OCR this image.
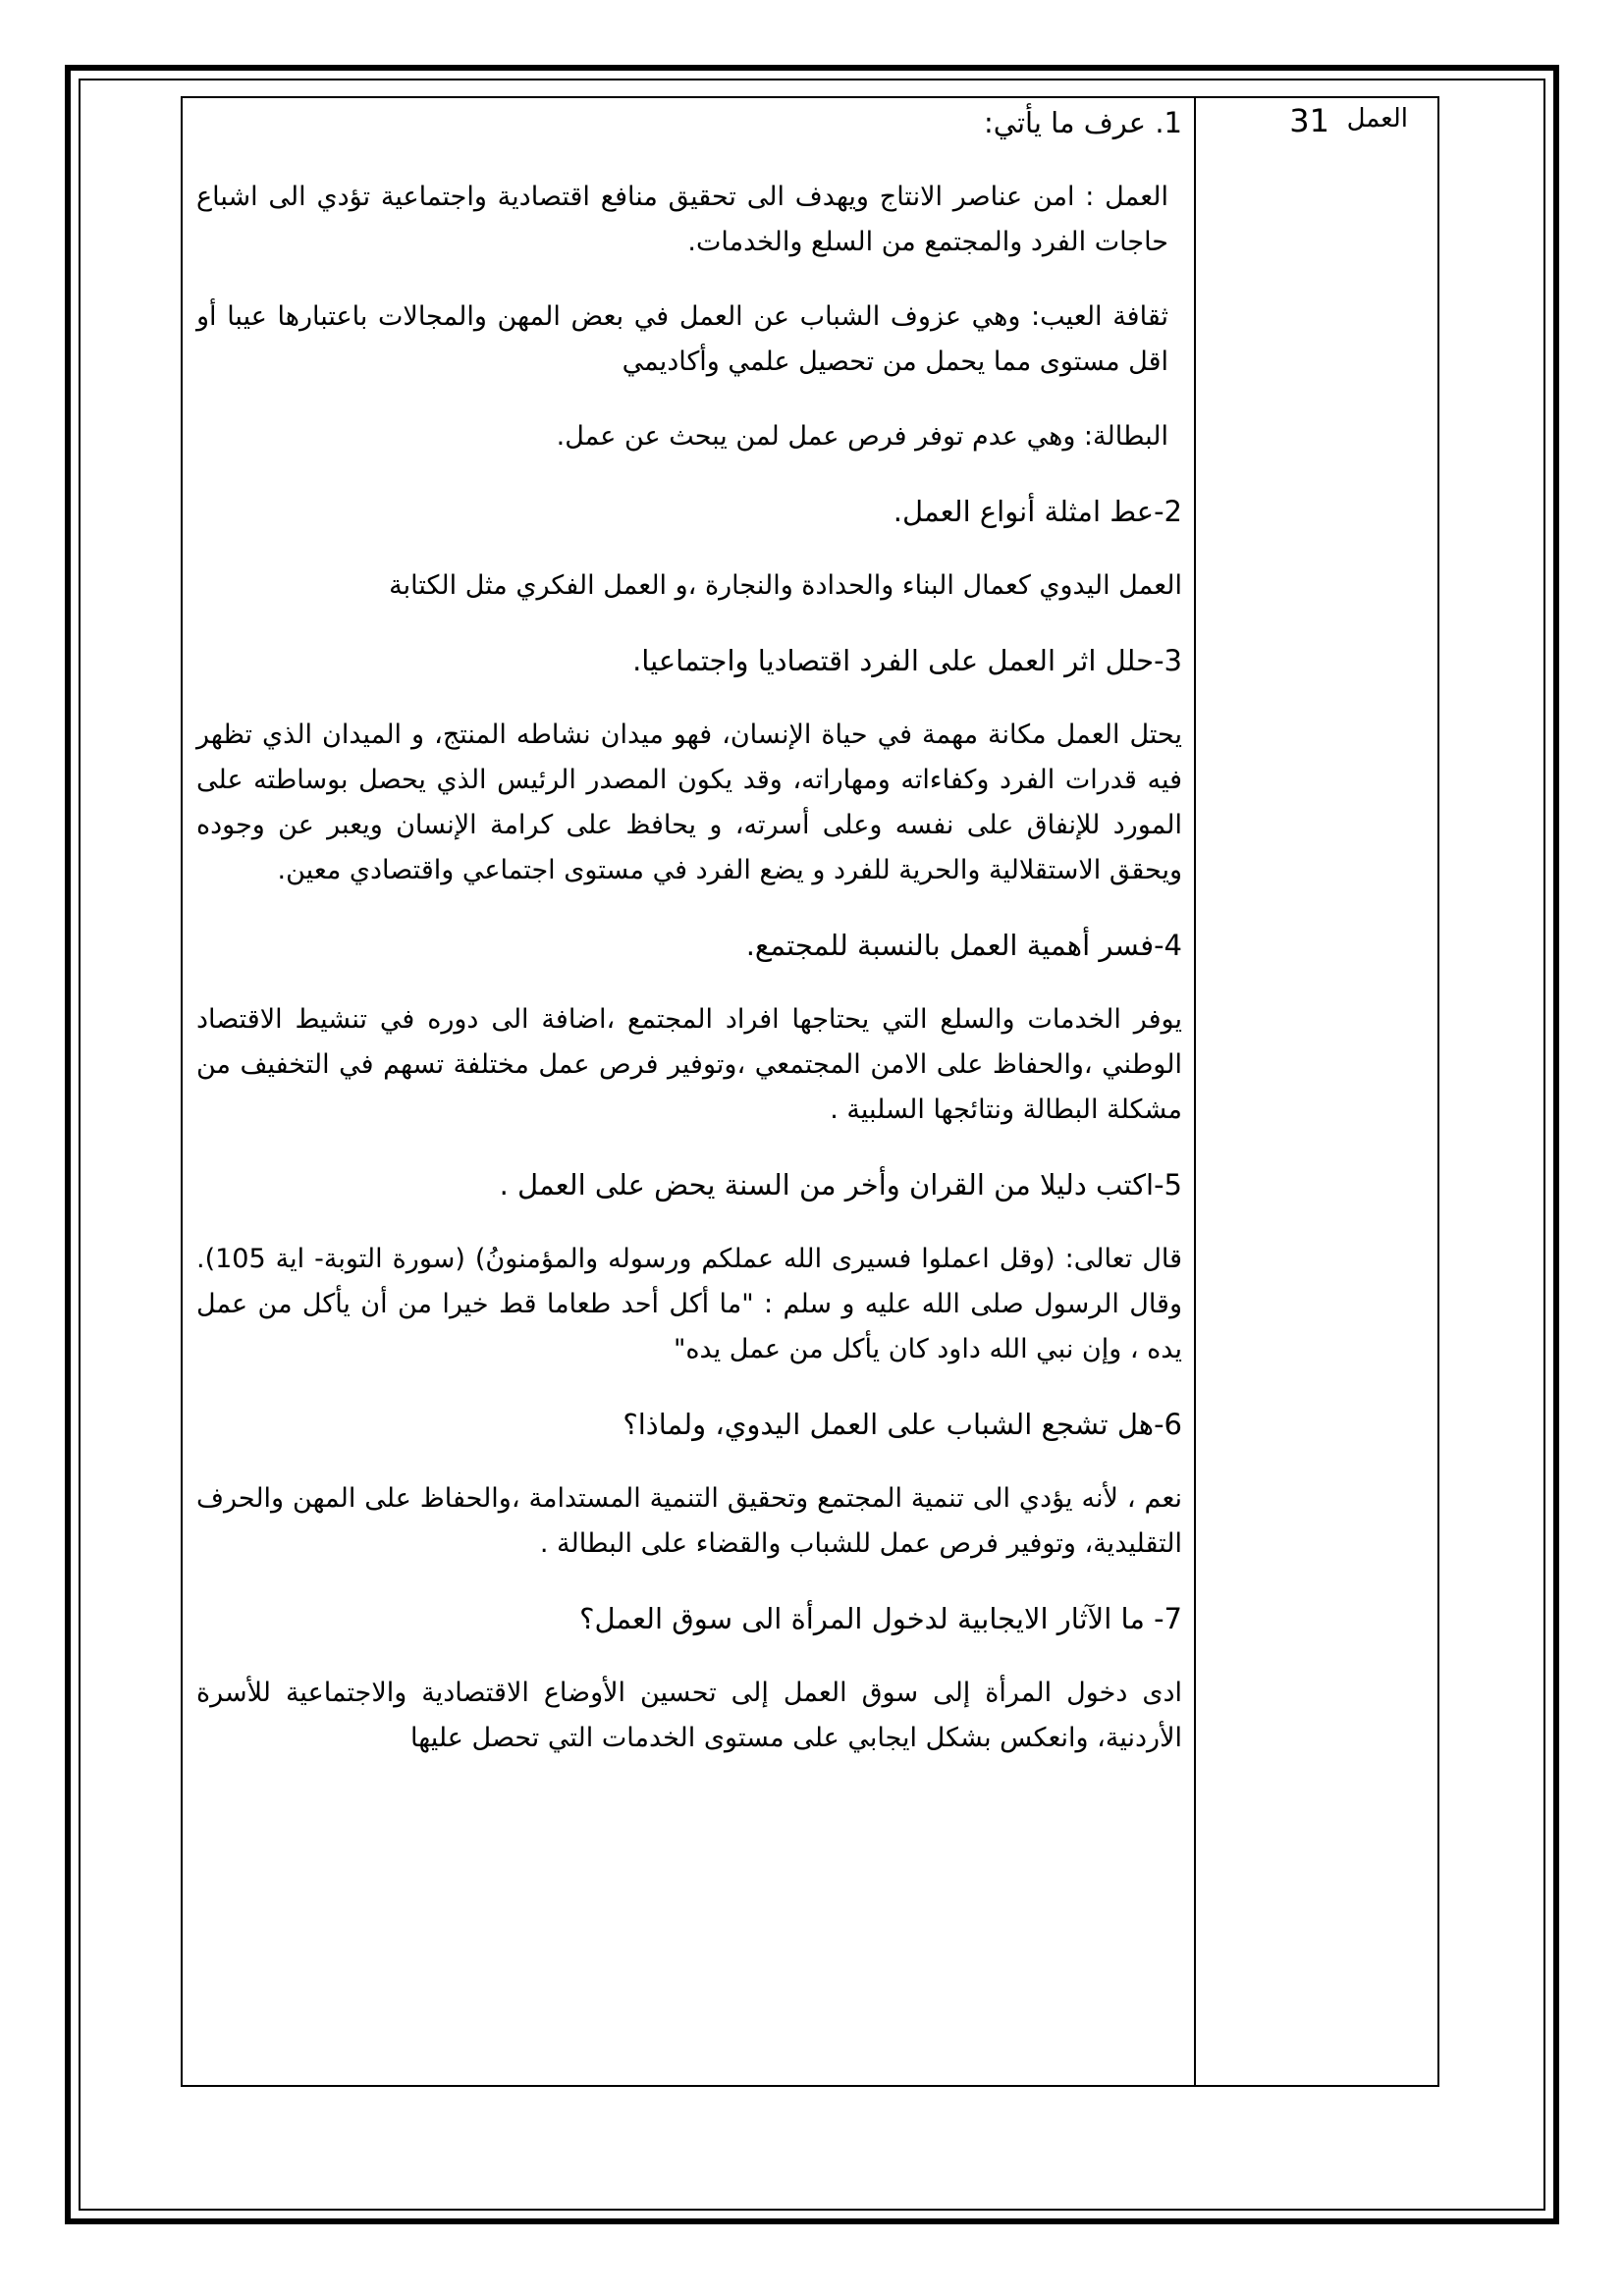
العمل
31

1. عرف ما يأتي:

العمل : امن عناصر الانتاج ويهدف الى تحقيق منافع اقتصادية واجتماعية تؤدي الى اشباع حاجات الفرد والمجتمع من السلع والخدمات.

ثقافة العيب: وهي عزوف الشباب عن العمل في بعض المهن والمجالات باعتبارها عيبا أو اقل مستوى مما يحمل من تحصيل علمي وأكاديمي

البطالة: وهي عدم توفر فرص عمل لمن يبحث عن عمل.

2-عط امثلة أنواع العمل.

العمل اليدوي كعمال البناء والحدادة والنجارة ،و العمل الفكري مثل الكتابة

3-حلل اثر العمل على الفرد اقتصاديا واجتماعيا.

يحتل العمل مكانة مهمة في حياة الإنسان، فهو ميدان نشاطه المنتج، و الميدان الذي تظهر فيه قدرات الفرد وكفاءاته ومهاراته، وقد يكون المصدر الرئيس الذي يحصل بوساطته على المورد للإنفاق على نفسه وعلى أسرته، و يحافظ على كرامة الإنسان ويعبر عن وجوده ويحقق الاستقلالية والحرية للفرد و يضع الفرد في مستوى اجتماعي واقتصادي معين.

4-فسر أهمية العمل بالنسبة للمجتمع.

يوفر الخدمات والسلع التي يحتاجها افراد المجتمع ،اضافة الى دوره في تنشيط الاقتصاد الوطني ،والحفاظ على الامن المجتمعي ،وتوفير فرص عمل مختلفة تسهم في التخفيف من مشكلة البطالة ونتائجها السلبية .

5-اكتب دليلا من القران وأخر من السنة يحض على العمل .

قال تعالى: (وقل اعملوا فسيرى الله عملكم ورسوله والمؤمنونُ) (سورة التوبة- اية 105). وقال الرسول صلى الله عليه و سلم : "ما أكل أحد طعاما قط خيرا من أن يأكل من عمل يده ، وإن نبي الله داود كان يأكل من عمل يده"

6-هل تشجع الشباب على العمل اليدوي، ولماذا؟

نعم ، لأنه يؤدي الى تنمية المجتمع وتحقيق التنمية المستدامة ،والحفاظ على المهن والحرف التقليدية، وتوفير فرص عمل للشباب والقضاء على البطالة .

7- ما الآثار الايجابية لدخول المرأة الى سوق العمل؟

ادى دخول المرأة إلى سوق العمل إلى تحسين الأوضاع الاقتصادية والاجتماعية للأسرة الأردنية، وانعكس بشكل ايجابي على مستوى الخدمات التي تحصل عليها
